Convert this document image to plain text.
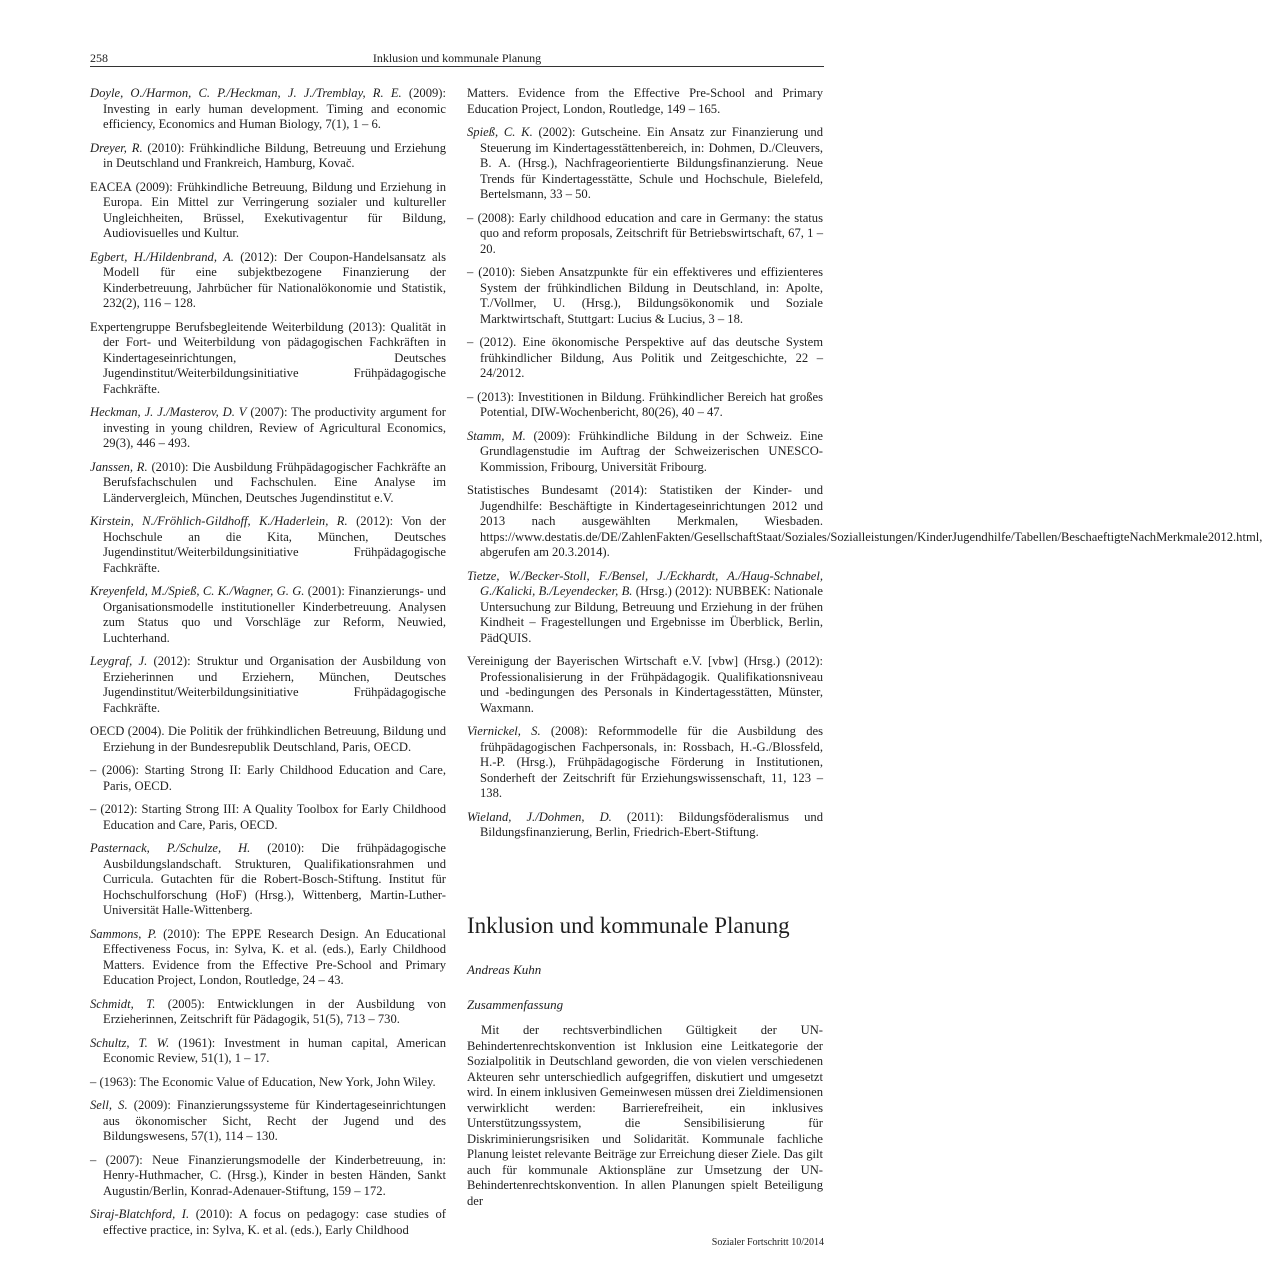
258	Inklusion und kommunale Planung
Doyle, O./Harmon, C. P./Heckman, J. J./Tremblay, R. E. (2009): Investing in early human development. Timing and economic efficiency, Economics and Human Biology, 7(1), 1 – 6.
Dreyer, R. (2010): Frühkindliche Bildung, Betreuung und Erziehung in Deutschland und Frankreich, Hamburg, Kovač.
EACEA (2009): Frühkindliche Betreuung, Bildung und Erziehung in Europa. Ein Mittel zur Verringerung sozialer und kultureller Ungleichheiten, Brüssel, Exekutivagentur für Bildung, Audiovisuelles und Kultur.
Egbert, H./Hildenbrand, A. (2012): Der Coupon-Handelsansatz als Modell für eine subjektbezogene Finanzierung der Kinderbetreuung, Jahrbücher für Nationalökonomie und Statistik, 232(2), 116 – 128.
Expertengruppe Berufsbegleitende Weiterbildung (2013): Qualität in der Fort- und Weiterbildung von pädagogischen Fachkräften in Kindertageseinrichtungen, Deutsches Jugendinstitut/Weiterbildungsinitiative Frühpädagogische Fachkräfte.
Heckman, J. J./Masterov, D. V (2007): The productivity argument for investing in young children, Review of Agricultural Economics, 29(3), 446 – 493.
Janssen, R. (2010): Die Ausbildung Frühpädagogischer Fachkräfte an Berufsfachschulen und Fachschulen. Eine Analyse im Ländervergleich, München, Deutsches Jugendinstitut e.V.
Kirstein, N./Fröhlich-Gildhoff, K./Haderlein, R. (2012): Von der Hochschule an die Kita, München, Deutsches Jugendinstitut/Weiterbildungsinitiative Frühpädagogische Fachkräfte.
Kreyenfeld, M./Spieß, C. K./Wagner, G. G. (2001): Finanzierungs- und Organisationsmodelle institutioneller Kinderbetreuung. Analysen zum Status quo und Vorschläge zur Reform, Neuwied, Luchterhand.
Leygraf, J. (2012): Struktur und Organisation der Ausbildung von Erzieherinnen und Erziehern, München, Deutsches Jugendinstitut/Weiterbildungsinitiative Frühpädagogische Fachkräfte.
OECD (2004). Die Politik der frühkindlichen Betreuung, Bildung und Erziehung in der Bundesrepublik Deutschland, Paris, OECD.
– (2006): Starting Strong II: Early Childhood Education and Care, Paris, OECD.
– (2012): Starting Strong III: A Quality Toolbox for Early Childhood Education and Care, Paris, OECD.
Pasternack, P./Schulze, H. (2010): Die frühpädagogische Ausbildungslandschaft. Strukturen, Qualifikationsrahmen und Curricula. Gutachten für die Robert-Bosch-Stiftung. Institut für Hochschulforschung (HoF) (Hrsg.), Wittenberg, Martin-Luther-Universität Halle-Wittenberg.
Sammons, P. (2010): The EPPE Research Design. An Educational Effectiveness Focus, in: Sylva, K. et al. (eds.), Early Childhood Matters. Evidence from the Effective Pre-School and Primary Education Project, London, Routledge, 24 – 43.
Schmidt, T. (2005): Entwicklungen in der Ausbildung von Erzieherinnen, Zeitschrift für Pädagogik, 51(5), 713 – 730.
Schultz, T. W. (1961): Investment in human capital, American Economic Review, 51(1), 1 – 17.
– (1963): The Economic Value of Education, New York, John Wiley.
Sell, S. (2009): Finanzierungssysteme für Kindertageseinrichtungen aus ökonomischer Sicht, Recht der Jugend und des Bildungswesens, 57(1), 114 – 130.
– (2007): Neue Finanzierungsmodelle der Kinderbetreuung, in: Henry-Huthmacher, C. (Hrsg.), Kinder in besten Händen, Sankt Augustin/Berlin, Konrad-Adenauer-Stiftung, 159 – 172.
Siraj-Blatchford, I. (2010): A focus on pedagogy: case studies of effective practice, in: Sylva, K. et al. (eds.), Early Childhood
Matters. Evidence from the Effective Pre-School and Primary Education Project, London, Routledge, 149 – 165.
Spieß, C. K. (2002): Gutscheine. Ein Ansatz zur Finanzierung und Steuerung im Kindertagesstättenbereich, in: Dohmen, D./Cleuvers, B. A. (Hrsg.), Nachfrageorientierte Bildungsfinanzierung. Neue Trends für Kindertagesstätte, Schule und Hochschule, Bielefeld, Bertelsmann, 33 – 50.
– (2008): Early childhood education and care in Germany: the status quo and reform proposals, Zeitschrift für Betriebswirtschaft, 67, 1 – 20.
– (2010): Sieben Ansatzpunkte für ein effektiveres und effizienteres System der frühkindlichen Bildung in Deutschland, in: Apolte, T./Vollmer, U. (Hrsg.), Bildungsökonomik und Soziale Marktwirtschaft, Stuttgart: Lucius & Lucius, 3 – 18.
– (2012). Eine ökonomische Perspektive auf das deutsche System frühkindlicher Bildung, Aus Politik und Zeitgeschichte, 22 – 24/2012.
– (2013): Investitionen in Bildung. Frühkindlicher Bereich hat großes Potential, DIW-Wochenbericht, 80(26), 40 – 47.
Stamm, M. (2009): Frühkindliche Bildung in der Schweiz. Eine Grundlagenstudie im Auftrag der Schweizerischen UNESCO-Kommission, Fribourg, Universität Fribourg.
Statistisches Bundesamt (2014): Statistiken der Kinder- und Jugendhilfe: Beschäftigte in Kindertageseinrichtungen 2012 und 2013 nach ausgewählten Merkmalen, Wiesbaden. https://www.destatis.de/DE/ZahlenFakten/GesellschaftStaat/Soziales/Sozialleistungen/KinderJugendhilfe/Tabellen/BeschaeftigteNachMerkmale2012.html, abgerufen am 20.3.2014).
Tietze, W./Becker-Stoll, F./Bensel, J./Eckhardt, A./Haug-Schnabel, G./Kalicki, B./Leyendecker, B. (Hrsg.) (2012): NUBBEK: Nationale Untersuchung zur Bildung, Betreuung und Erziehung in der frühen Kindheit – Fragestellungen und Ergebnisse im Überblick, Berlin, PädQUIS.
Vereinigung der Bayerischen Wirtschaft e.V. [vbw] (Hrsg.) (2012): Professionalisierung in der Frühpädagogik. Qualifikationsniveau und -bedingungen des Personals in Kindertagesstätten, Münster, Waxmann.
Viernickel, S. (2008): Reformmodelle für die Ausbildung des frühpädagogischen Fachpersonals, in: Rossbach, H.-G./Blossfeld, H.-P. (Hrsg.), Frühpädagogische Förderung in Institutionen, Sonderheft der Zeitschrift für Erziehungswissenschaft, 11, 123 – 138.
Wieland, J./Dohmen, D. (2011): Bildungsföderalismus und Bildungsfinanzierung, Berlin, Friedrich-Ebert-Stiftung.
Inklusion und kommunale Planung
Andreas Kuhn
Zusammenfassung

Mit der rechtsverbindlichen Gültigkeit der UN-Behindertenrechtskonvention ist Inklusion eine Leitkategorie der Sozialpolitik in Deutschland geworden, die von vielen verschiedenen Akteuren sehr unterschiedlich aufgegriffen, diskutiert und umgesetzt wird. In einem inklusiven Gemeinwesen müssen drei Zieldimensionen verwirklicht werden: Barrierefreiheit, ein inklusives Unterstützungssystem, die Sensibilisierung für Diskriminierungsrisiken und Solidarität. Kommunale fachliche Planung leistet relevante Beiträge zur Erreichung dieser Ziele. Das gilt auch für kommunale Aktionspläne zur Umsetzung der UN-Behindertenrechtskonvention. In allen Planungen spielt Beteiligung der

Sozialer Fortschritt 10/2014
